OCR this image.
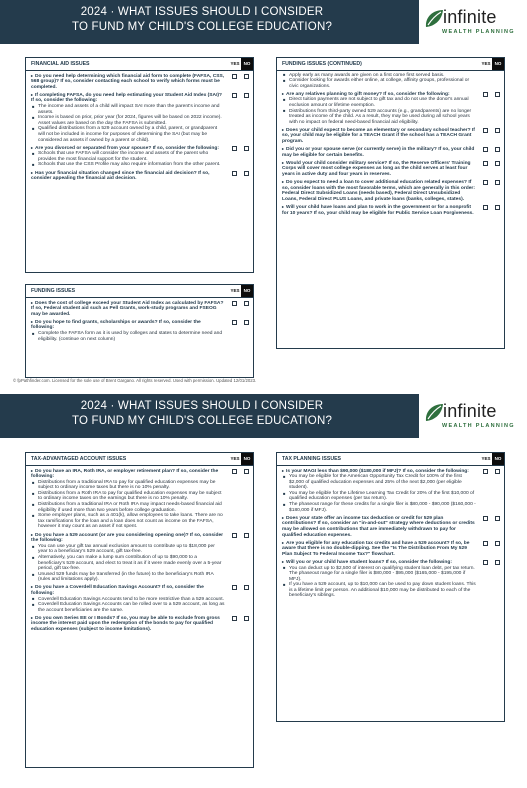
2024 · WHAT ISSUES SHOULD I CONSIDER
TO FUND MY CHILD'S COLLEGE EDUCATION?	infinite
WEALTH PLANNING
FINANCIAL AID ISSUES	YES NO
▸ Do you need help determining which financial aid form to complete (FAFSA, CSS, 568 group)? If so, consider contacting each school to verify which forms must be completed.
▸ If completing FAFSA, do you need help estimating your Student Aid Index (SAI)? If so, consider the following:
■ The income and assets of a child will impact SAI more than the parent's income and assets.
■ Income is based on prior, prior year (for 2024, figures will be based on 2022 income). Asset values are based on the day the FAFSA is submitted.
■ Qualified distributions from a 529 account owned by a child, parent, or grandparent will not be included in income for purposes of determining the SAI (but may be considered as assets if owned by a parent or child).
▸ Are you divorced or separated from your spouse? If so, consider the following:
■ Schools that use FAFSA will consider the income and assets of the parent who provides the most financial support for the student.
■ Schools that use the CSS Profile may also require information from the other parent.
▸ Has your financial situation changed since the financial aid decision? If so, consider appealing the financial aid decision.
FUNDING ISSUES	YES NO
▸ Does the cost of college exceed your Student Aid Index as calculated by FAFSA? If so, Federal student aid such as Pell Grants, work-study programs and FSEOG may be awarded.
▸ Do you hope to find grants, scholarships or awards? If so, consider the following:
■ Complete the FAFSA form as it is used by colleges and states to determine need and eligibility. (continue on next column)
FUNDING ISSUES (CONTINUED)	YES NO
■ Apply early as many awards are given on a first come first served basis.
■ Consider looking for awards either online, at college, affinity groups, professional or civic organizations.
▸ Are any relatives planning to gift money? If so, consider the following:
■ Direct tuition payments are not subject to gift tax and do not use the donor's annual exclusion amount or lifetime exemption.
■ Distributions from third-party owned 529 accounts (e.g., grandparents) are no longer treated as income of the child. As a result, they may be used during all school years with no impact on federal need-based financial aid eligibility.
▸ Does your child expect to become an elementary or secondary school teacher? If so, your child may be eligible for a TEACH Grant if the school has a TEACH Grant program.
▸ Did you or your spouse serve (or currently serve) in the military? If so, your child may be eligible for certain benefits.
▸ Would your child consider military service? If so, the Reserve Officers' Training Corps will cover most college expenses as long as the child serves at least four years in active duty and four years in reserves.
▸ Do you expect to need a loan to cover additional education related expenses? If so, consider loans with the most favorable terms, which are generally in this order: Federal Direct Subsidized Loans (needs based), Federal Direct Unsubsidized Loans, Federal Direct PLUS Loans, and private loans (banks, colleges, states).
▸ Will your child have loans and plan to work in the government or for a nonprofit for 10 years? If so, your child may be eligible for Public Service Loan Forgiveness.
© fpPathfinder.com. Licensed for the sole use of Brent Gargano. All rights reserved. Used with permission. Updated 12/01/2023.
2024 · WHAT ISSUES SHOULD I CONSIDER
TO FUND MY CHILD'S COLLEGE EDUCATION?	infinite
WEALTH PLANNING
TAX-ADVANTAGED ACCOUNT ISSUES	YES NO
▸ Do you have an IRA, Roth IRA, or employer retirement plan? If so, consider the following:
■ Distributions from a traditional IRA to pay for qualified education expenses may be subject to ordinary income taxes but there is no 10% penalty.
■ Distributions from a Roth IRA to pay for qualified education expenses may be subject to ordinary income taxes on the earnings but there is no 10% penalty.
■ Distributions from a traditional IRA or Roth IRA may impact needs-based financial aid eligibility if used more than two years before college graduation.
■ Some employer plans, such as a 401(k), allow employees to take loans. There are no tax ramifications for the loan and a loan does not count as income on the FAFSA, however it may count as an asset if not spent.
▸ Do you have a 529 account (or are you considering opening one)? If so, consider the following:
■ You can use your gift tax annual exclusion amount to contribute up to $18,000 per year to a beneficiary's 529 account, gift tax-free.
■ Alternatively, you can make a lump sum contribution of up to $90,000 to a beneficiary's 529 account, and elect to treat it as if it were made evenly over a 5-year period, gift tax-free.
■ Unused 529 funds may be transferred (in the future) to the beneficiary's Roth IRA (rules and limitations apply).
▸ Do you have a Coverdell Education Savings Account? If so, consider the following:
■ Coverdell Education Savings Accounts tend to be more restrictive than a 529 account.
■ Coverdell Education Savings Accounts can be rolled over to a 529 account, as long as the account beneficiaries are the same.
▸ Do you own Series EE or I Bonds? If so, you may be able to exclude from gross income the interest paid upon the redemption of the bonds to pay for qualified education expenses (subject to income limitations).
TAX PLANNING ISSUES	YES NO
▸ Is your MAGI less than $90,000 ($180,000 if MFJ)? If so, consider the following:
■ You may be eligible for the American Opportunity Tax Credit for 100% of the first $2,000 of qualified education expenses and 25% of the next $2,000 (per eligible student).
■ You may be eligible for the Lifetime Learning Tax Credit for 20% of the first $10,000 of qualified education expenses (per tax return).
■ The phaseout range for these credits for a single filer is $80,000 - $90,000 ($160,000 - $180,000 if MFJ).
▸ Does your state offer an income tax deduction or credit for 529 plan contributions? If so, consider an "in-and-out" strategy where deductions or credits may be allowed on contributions that are immediately withdrawn to pay for qualified education expenses.
▸ Are you eligible for any education tax credits and have a 529 account? If so, be aware that there is no double-dipping. See the "Is The Distribution From My 529 Plan Subject To Federal Income Tax?" flowchart.
▸ Will you or your child have student loans? If so, consider the following:
■ You can deduct up to $2,500 of interest on qualifying student loan debt, per tax return. The phaseout range for a single filer is $80,000 - $95,000 ($165,000 - $195,000 if MFJ).
■ If you have a 529 account, up to $10,000 can be used to pay down student loans. This is a lifetime limit per person. An additional $10,000 may be distributed to each of the beneficiary's siblings.
